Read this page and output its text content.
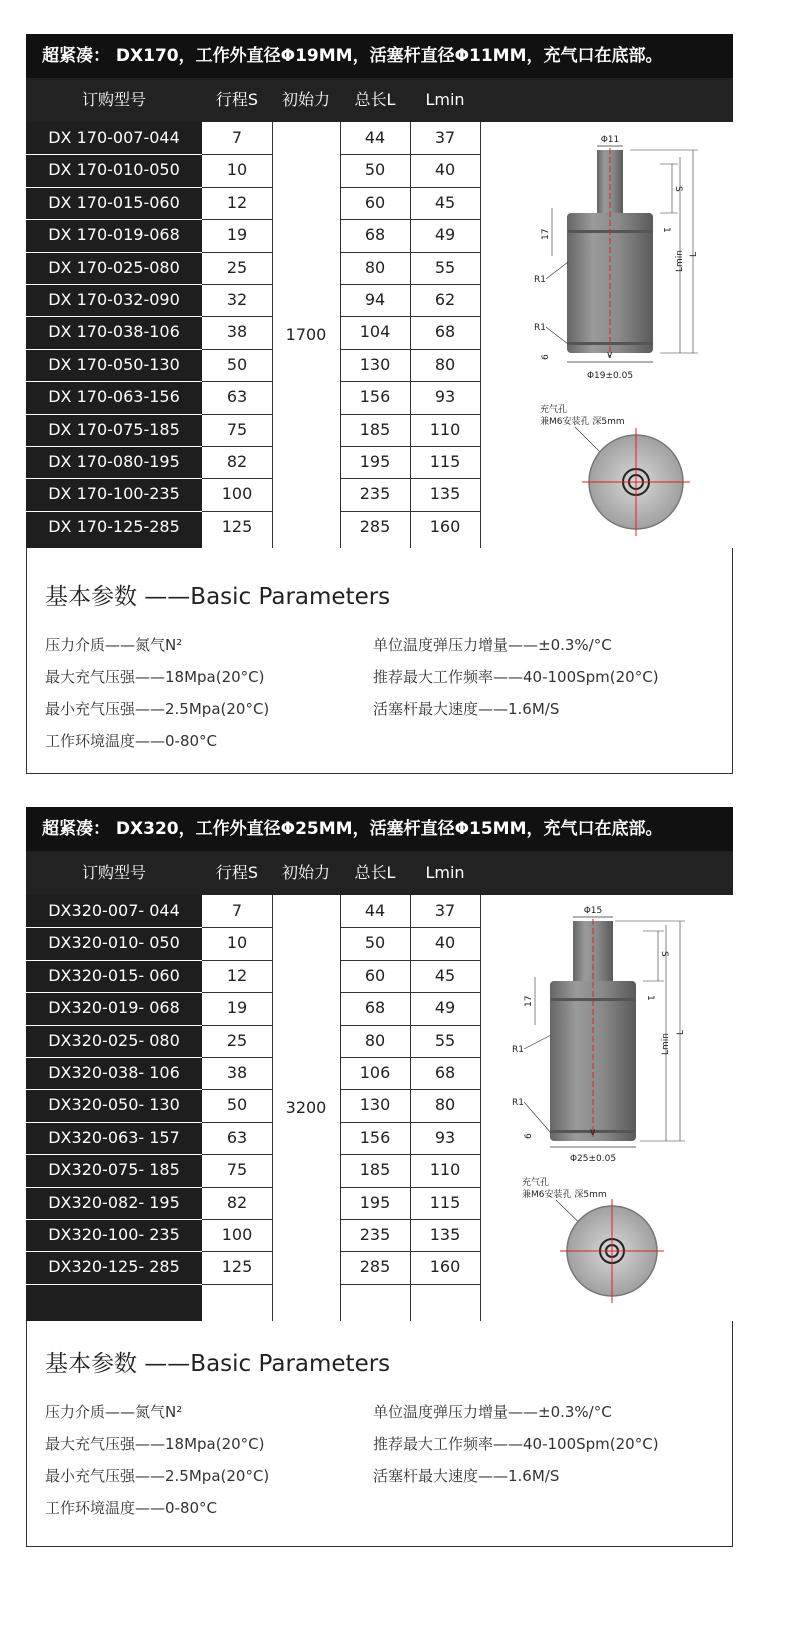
超紧凑： DX170，工作外直径Φ19MM，活塞杆直径Φ11MM，充气口在底部。
订购型号	行程S	初始力	总长L	Lmin
1700
Φ11
∨
Φ19±0.05
S
1
Lmin L
17
R1
R1
6
充气孔
兼M6安装孔 深5mm
DX 170-007-044	7	44	37
DX 170-010-050	10	50	40
DX 170-015-060	12	60	45
DX 170-019-068	19	68	49
DX 170-025-080	25	80	55
DX 170-032-090	32	94	62
DX 170-038-106	38	104	68
DX 170-050-130	50	130	80
DX 170-063-156	63	156	93
DX 170-075-185	75	185	110
DX 170-080-195	82	195	115
DX 170-100-235	100	235	135
DX 170-125-285	125	285	160
基本参数 ——Basic Parameters
压力介质——氮气N²	单位温度弹压力增量——±0.3%/°C
最大充气压强——18Mpa(20°C)	推荐最大工作频率——40-100Spm(20°C)
最小充气压强——2.5Mpa(20°C)	活塞杆最大速度——1.6M/S
工作环境温度——0-80°C
超紧凑： DX320，工作外直径Φ25MM，活塞杆直径Φ15MM，充气口在底部。
订购型号	行程S	初始力	总长L	Lmin
3200
Φ15
∨
Φ25±0.05
S
1
Lmin
L
17
R1
R1
6
充气孔
兼M6安装孔 深5mm
DX320-007- 044	7	44	37
DX320-010- 050	10	50	40
DX320-015- 060	12	60	45
DX320-019- 068	19	68	49
DX320-025- 080	25	80	55
DX320-038- 106	38	106	68
DX320-050- 130	50	130	80
DX320-063- 157	63	156	93
DX320-075- 185	75	185	110
DX320-082- 195	82	195	115
DX320-100- 235	100	235	135
DX320-125- 285	125	285	160
基本参数 ——Basic Parameters
压力介质——氮气N²	单位温度弹压力增量——±0.3%/°C
最大充气压强——18Mpa(20°C)	推荐最大工作频率——40-100Spm(20°C)
最小充气压强——2.5Mpa(20°C)	活塞杆最大速度——1.6M/S
工作环境温度——0-80°C
